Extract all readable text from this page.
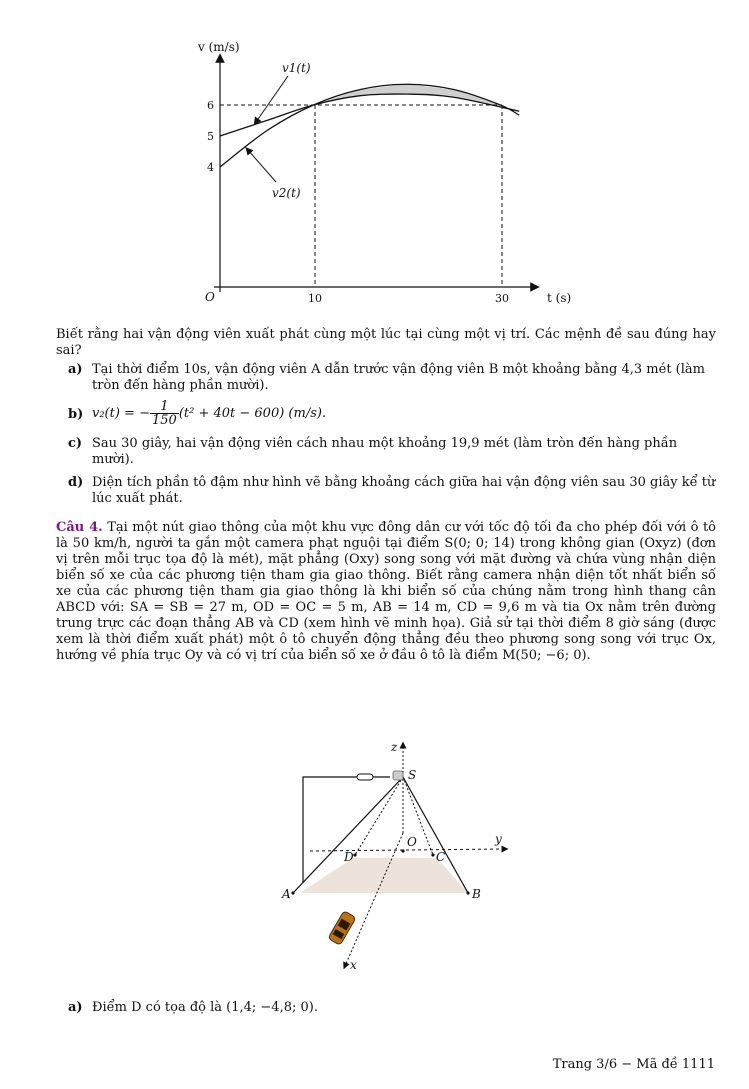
v (m/s)
t (s)
O
4
5
6
10	30
v1(t)
v2(t)
Biết rằng hai vận động viên xuất phát cùng một lúc tại cùng một vị trí. Các mệnh đề sau đúng hay sai?
a) Tại thời điểm 10s, vận động viên A dẫn trước vận động viên B một khoảng bằng 4,3 mét (làm tròn đến hàng phần mười).
b) v₂(t) = − $\frac{1}{150} (t^2 + 40t - 600)$ (m/s).
c) Sau 30 giây, hai vận động viên cách nhau một khoảng 19,9 mét (làm tròn đến hàng phần mười).
d) Diện tích phần tô đậm như hình vẽ bằng khoảng cách giữa hai vận động viên sau 30 giây kể từ lúc xuất phát.
Câu 4. Tại một nút giao thông của một khu vực đông dân cư với tốc độ tối đa cho phép đối với ô tô là 50 km/h, người ta gắn một camera phạt nguội tại điểm S(0; 0; 14) trong không gian (Oxyz) (đơn vị trên mỗi trục tọa độ là mét), mặt phẳng (Oxy) song song với mặt đường và chứa vùng nhận diện biển số xe của các phương tiện tham gia giao thông. Biết rằng camera nhận diện tốt nhất biển số xe của các phương tiện tham gia giao thông là khi biển số của chúng nằm trong hình thang cân ABCD với: SA = SB = 27 m, OD = OC = 5 m, AB = 14 m, CD = 9,6 m và tia Ox nằm trên đường trung trực các đoạn thẳng AB và CD (xem hình vẽ minh họa). Giả sử tại thời điểm 8 giờ sáng (được xem là thời điểm xuất phát) một ô tô chuyển động thẳng đều theo phương song song với trục Ox, hướng về phía trục Oy và có vị trí của biển số xe ở đầu ô tô là điểm M(50; −6; 0).
z
S
O	y
D	C
A	B
x
a) Điểm D có tọa độ là (1,4; −4,8; 0).
Trang 3/6 − Mã đề 1111
